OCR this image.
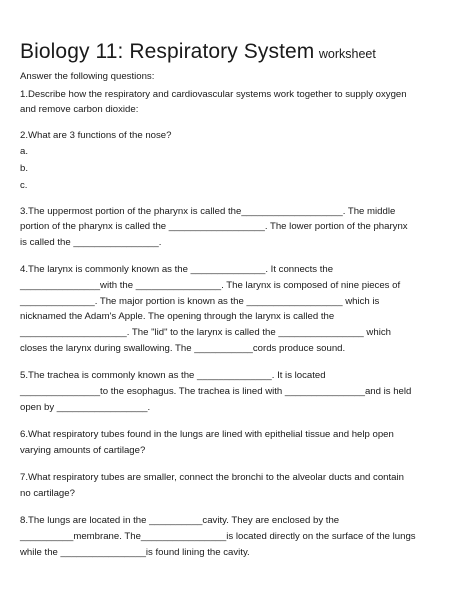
Biology 11: Respiratory System worksheet
Answer the following questions:
1.Describe how the respiratory and cardiovascular systems work together to supply oxygen
and remove carbon dioxide:
2.What are 3 functions of the nose?
a.
b.
c.
3.The uppermost portion of the pharynx is called the___________________. The middle
portion of the pharynx is called the __________________. The lower portion of the pharynx
is called the ________________.
4.The larynx is commonly known as the ______________. It connects the
_______________with the ________________. The larynx is composed of nine pieces of
______________. The major portion is known as the __________________ which is
nicknamed the Adam's Apple. The opening through the larynx is called the
____________________. The "lid" to the larynx is called the ________________ which
closes the larynx during swallowing. The ___________cords produce sound.
5.The trachea is commonly known as the ______________. It is located
_______________to the esophagus. The trachea is lined with _______________and is held
open by _________________.
6.What respiratory tubes found in the lungs are lined with epithelial tissue and help open
varying amounts of cartilage?
7.What respiratory tubes are smaller, connect the bronchi to the alveolar ducts and contain
no cartilage?
8.The lungs are located in the __________cavity. They are enclosed by the
__________membrane. The________________is located directly on the surface of the lungs
while the ________________is found lining the cavity.
